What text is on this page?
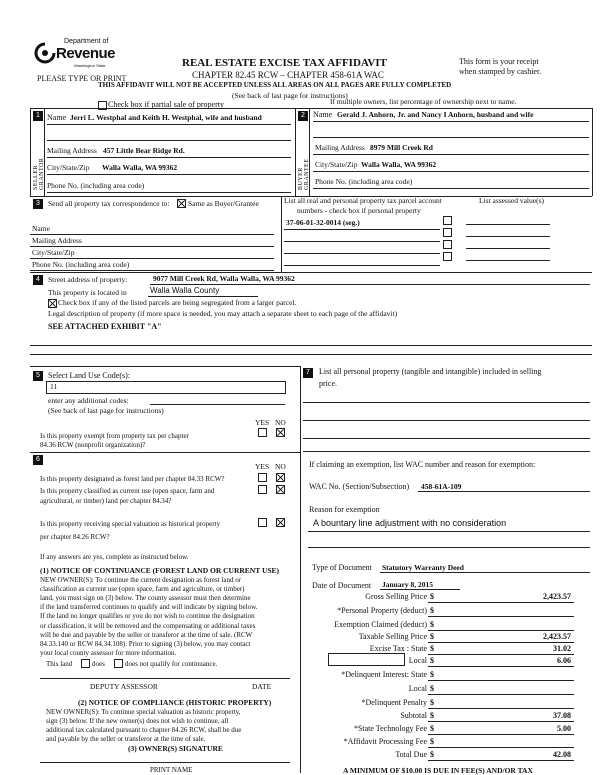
Department of
Revenue
Washington State
PLEASE TYPE OR PRINT
REAL ESTATE EXCISE TAX AFFIDAVIT
CHAPTER 82.45 RCW – CHAPTER 458-61A WAC
THIS AFFIDAVIT WILL NOT BE ACCEPTED UNLESS ALL AREAS ON ALL PAGES ARE FULLY COMPLETED
This form is your receipt
when stamped by cashier.
(See back of last page for instructions)
Check box if partial sale of property	If multiple owners, list percentage of ownership next to name.
1
SELLER GRANTOR
Name Jerri L. Westphal and Keith H. Westphal, wife and husband
Mailing Address 457 Little Bear Ridge Rd.
City/State/Zip Walla Walla, WA 99362
Phone No. (including area code)
2
BUYER GRANTEE
Name Gerald J. Anhorn, Jr. and Nancy I Anhorn, husband and wife
Mailing Address 8979 Mill Creek Rd
City/State/Zip Walla Walla, WA 99362
Phone No. (including area code)
3	Send all property tax correspondence to: Same as Buyer/Grantee
Name
Mailing Address
City/State/Zip
Phone No. (including area code)
List all real and personal property tax parcel account
numbers - check box if personal property
List assessed value(s)
37-06-01-32-0014 (seg.)
4	Street address of property:	9077 Mill Creek Rd, Walla Walla, WA 99362
This property is located in	Walla Walla County
Check box if any of the listed parcels are being segregated from a larger parcel.
Legal description of property (if more space is needed, you may attach a separate sheet to each page of the affidavit)
SEE ATTACHED EXHIBIT "A"
5	Select Land Use Code(s):
11
enter any additional codes:
(See back of last page for instructions)
YES NO
Is this property exempt from property tax per chapter
84.36 RCW (nonprofit organization)?
6
YES NO
Is this property designated as forest land per chapter 84.33 RCW?
Is this property classified as current use (open space, farm and
agricultural, or timber) land per chapter 84.34?
Is this property receiving special valuation as historical property
per chapter 84.26 RCW?
If any answers are yes, complete as instructed below.
(1) NOTICE OF CONTINUANCE (FOREST LAND OR CURRENT USE)
NEW OWNER(S): To continue the current designation as forest land or
classification as current use (open space, farm and agriculture, or timber)
land, you must sign on (3) below. The county assessor must then determine
if the land transferred continues to qualify and will indicate by signing below.
If the land no longer qualifies or you do not wish to continue the designation
or classification, it will be removed and the compensating or additional taxes
will be due and payable by the seller or transferor at the time of sale. (RCW
84.33.140 or RCW 84.34.108). Prior to signing (3) below, you may contact
your local county assessor for more information.
This land	does	does not qualify for continuance.
DEPUTY ASSESSOR	DATE
(2) NOTICE OF COMPLIANCE (HISTORIC PROPERTY)
NEW OWNER(S): To continue special valuation as historic property,
sign (3) below. If the new owner(s) does not wish to continue, all
additional tax calculated pursuant to chapter 84.26 RCW, shall be due
and payable by the seller or transferor at the time of sale.
(3) OWNER(S) SIGNATURE
PRINT NAME
7	List all personal property (tangible and intangible) included in selling
price.
If claiming an exemption, list WAC number and reason for exemption:
WAC No. (Section/Subsection) 458-61A-109
Reason for exemption
A bountary line adjustment with no consideration
Type of Document Statutory Warranty Deed
Date of Document January 8, 2015
Gross Selling Price $	2,423.57
*Personal Property (deduct) $
Exemption Claimed (deduct) $
Taxable Selling Price $	2,423.57
Excise Tax : State $	31.02
Local $	6.06
*Delinquent Interest: State $
Local $
*Delinquent Penalty $
Subtotal $	37.08
*State Technology Fee $	5.00
*Affidavit Processing Fee $
Total Due $	42.08
A MINIMUM OF $10.00 IS DUE IN FEE(S) AND/OR TAX
